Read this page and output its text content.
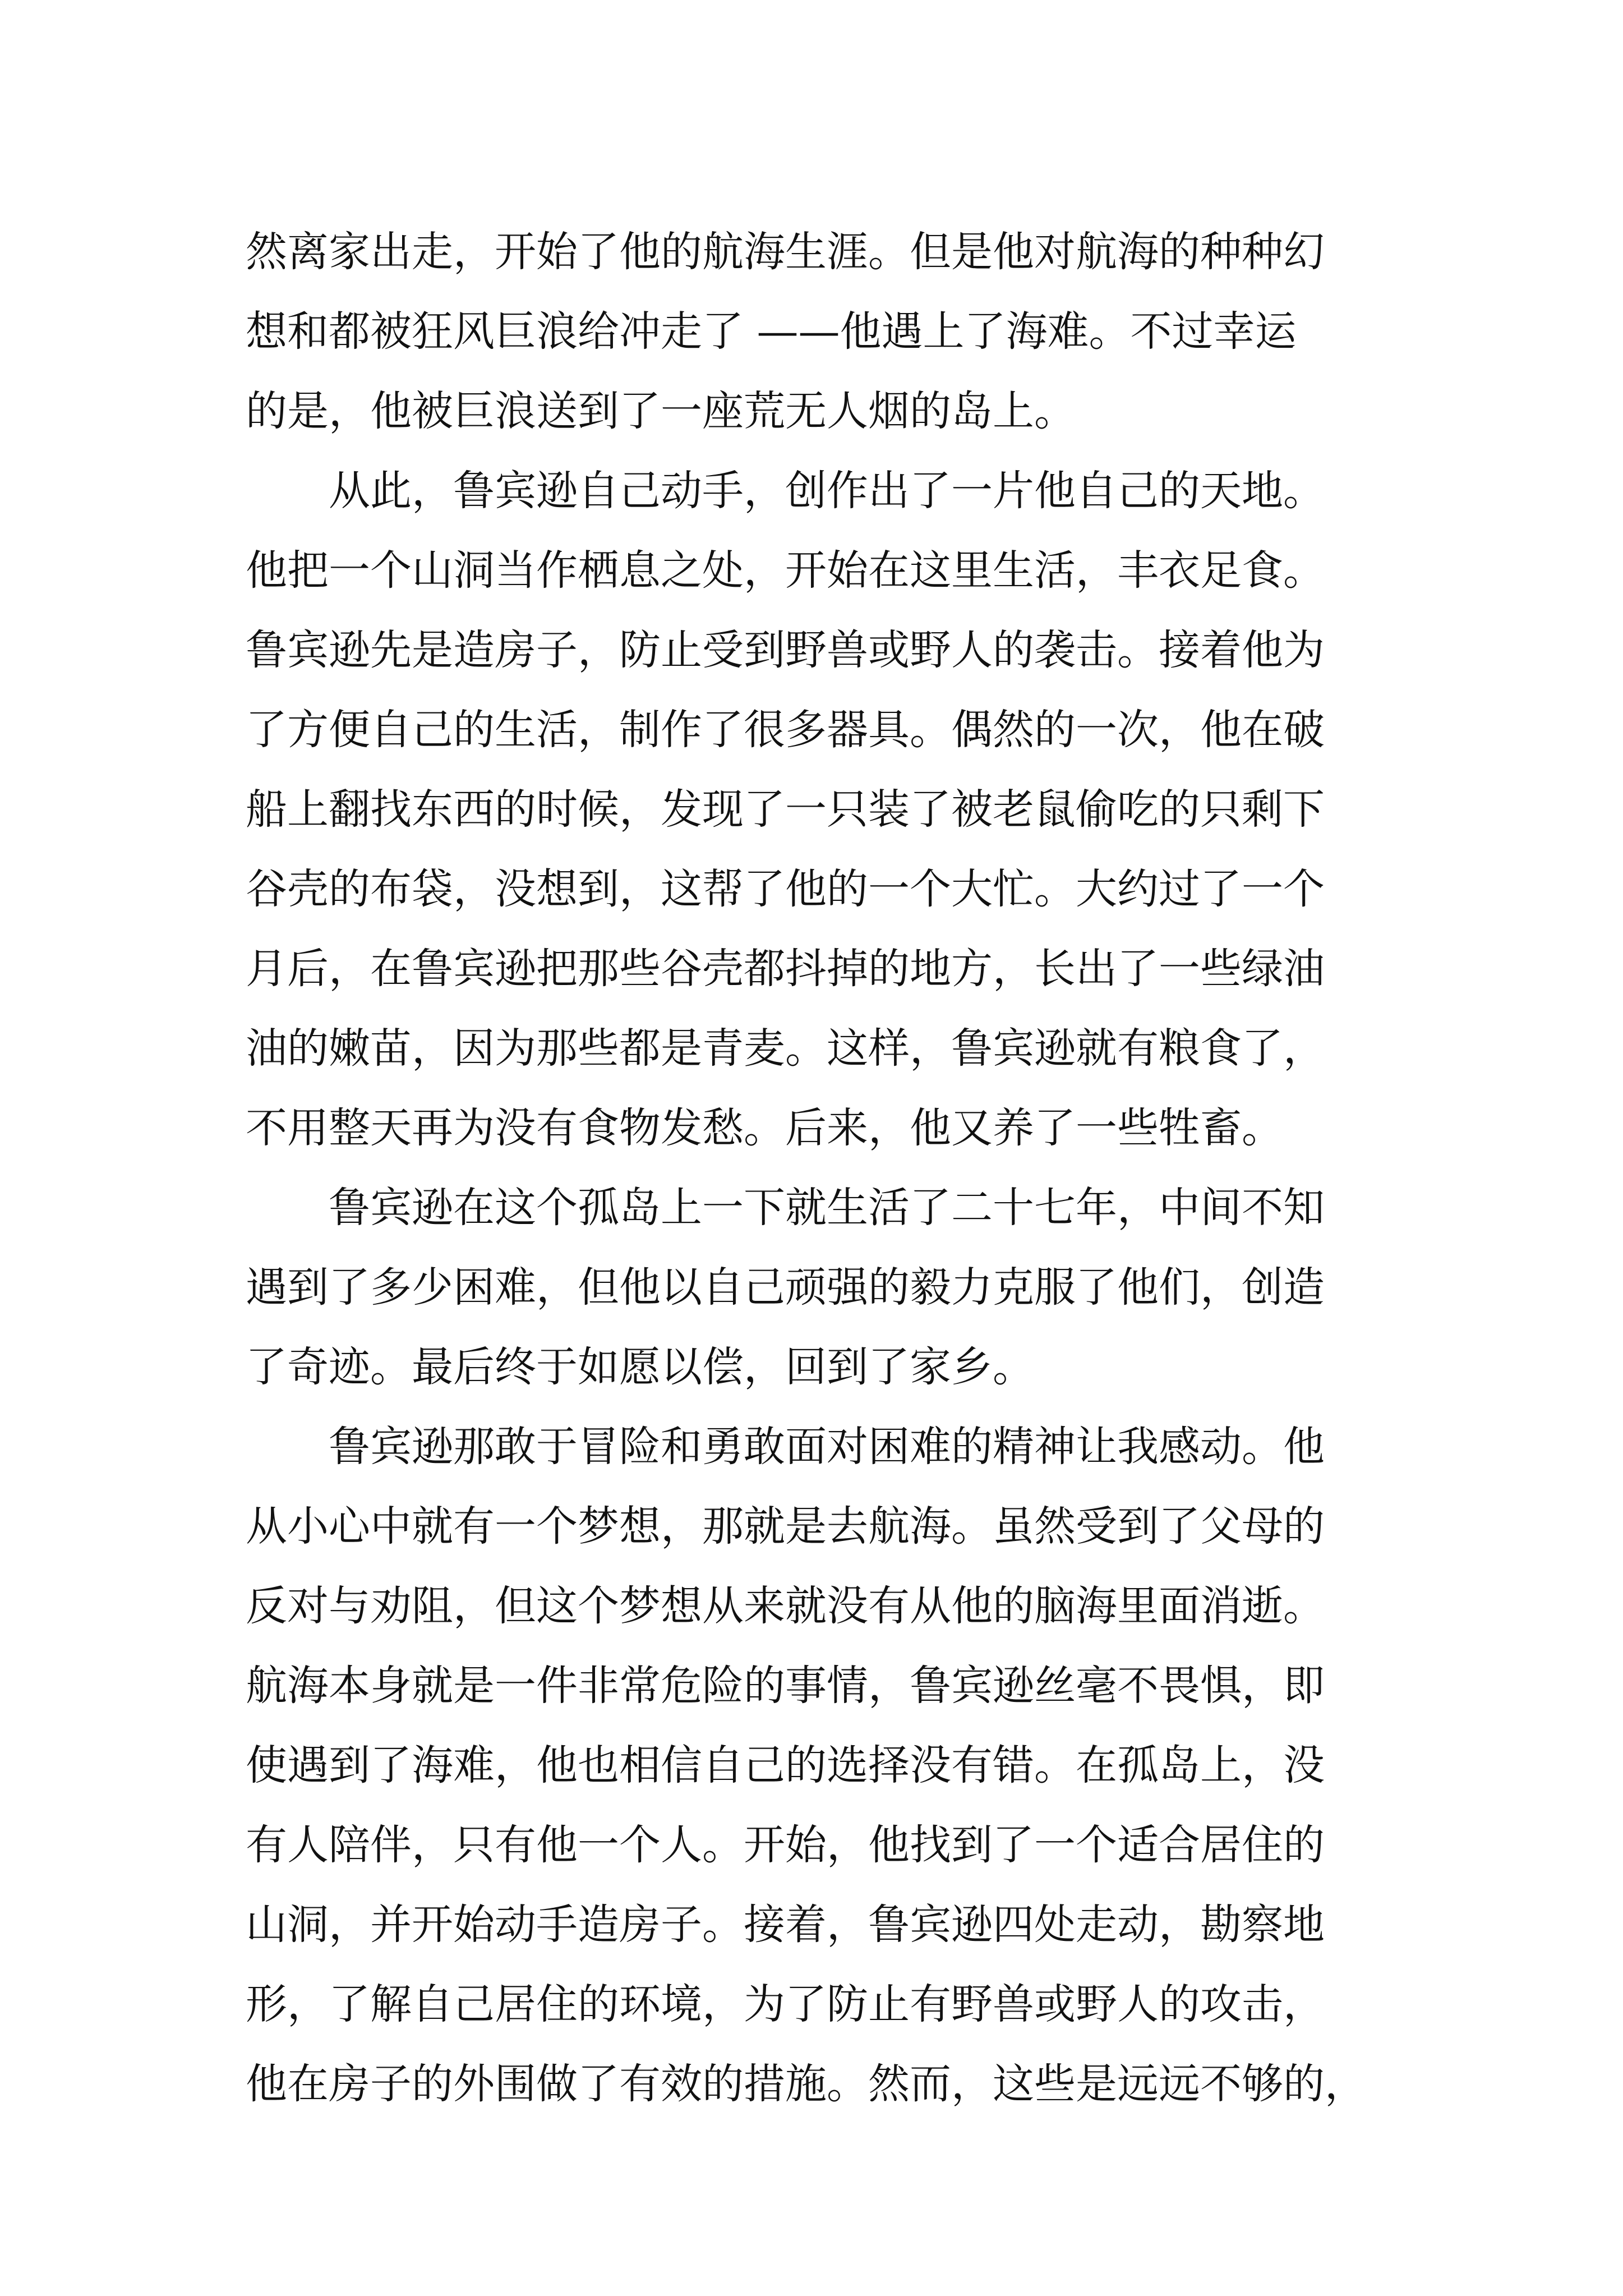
然离家出走，开始了他的航海生涯。但是他对航海的种种幻
想和都被狂风巨浪给冲走了 ——他遇上了海难。不过幸运
的是，他被巨浪送到了一座荒无人烟的岛上。
从此，鲁宾逊自己动手，创作出了一片他自己的天地。
他把一个山洞当作栖息之处，开始在这里生活，丰衣足食。
鲁宾逊先是造房子，防止受到野兽或野人的袭击。接着他为
了方便自己的生活，制作了很多器具。偶然的一次，他在破
船上翻找东西的时候，发现了一只装了被老鼠偷吃的只剩下
谷壳的布袋，没想到，这帮了他的一个大忙。大约过了一个
月后，在鲁宾逊把那些谷壳都抖掉的地方，长出了一些绿油
油的嫩苗，因为那些都是青麦。这样，鲁宾逊就有粮食了，
不用整天再为没有食物发愁。后来，他又养了一些牲畜。
鲁宾逊在这个孤岛上一下就生活了二十七年，中间不知
遇到了多少困难，但他以自己顽强的毅力克服了他们，创造
了奇迹。最后终于如愿以偿，回到了家乡。
鲁宾逊那敢于冒险和勇敢面对困难的精神让我感动。他
从小心中就有一个梦想，那就是去航海。虽然受到了父母的
反对与劝阻，但这个梦想从来就没有从他的脑海里面消逝。
航海本身就是一件非常危险的事情，鲁宾逊丝毫不畏惧，即
使遇到了海难，他也相信自己的选择没有错。在孤岛上，没
有人陪伴，只有他一个人。开始，他找到了一个适合居住的
山洞，并开始动手造房子。接着，鲁宾逊四处走动，勘察地
形，了解自己居住的环境，为了防止有野兽或野人的攻击，
他在房子的外围做了有效的措施。然而，这些是远远不够的，
